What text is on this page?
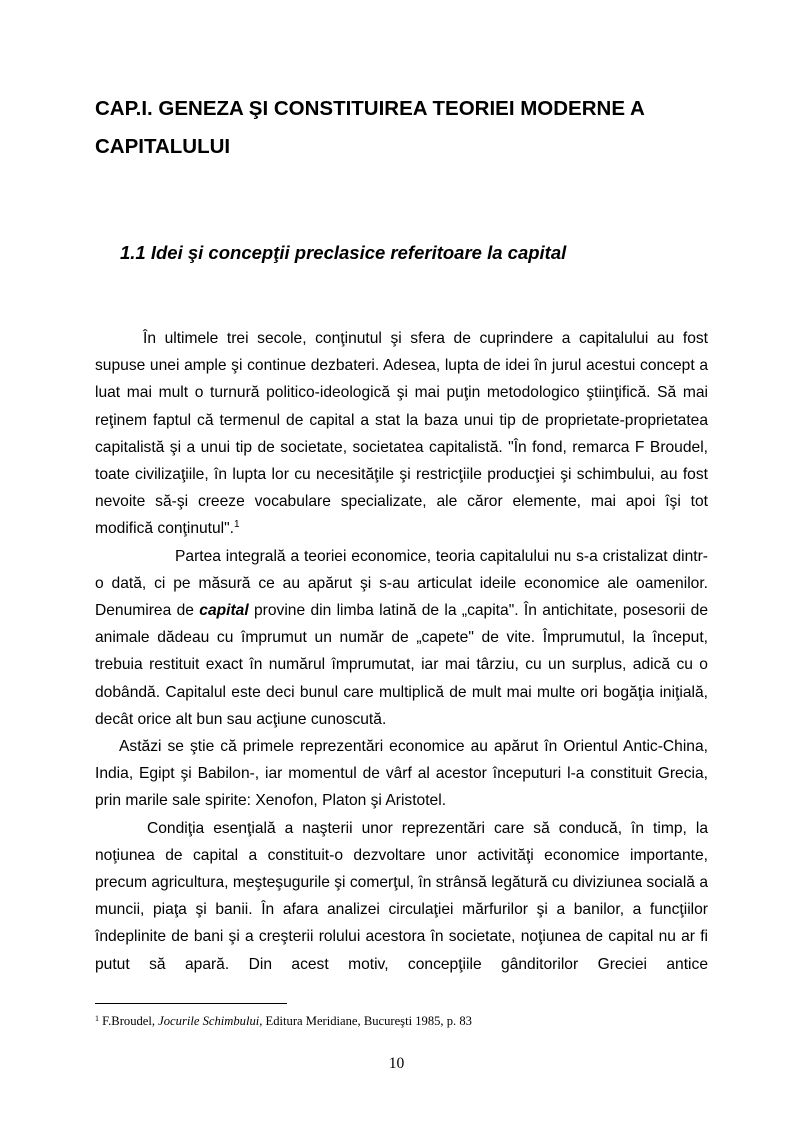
CAP.I. GENEZA ŞI CONSTITUIREA TEORIEI MODERNE A
CAPITALULUI
1.1 Idei şi concepţii preclasice referitoare la capital

În ultimele trei secole, conţinutul şi sfera de cuprindere a capitalului au fost supuse unei ample şi continue dezbateri. Adesea, lupta de idei în jurul acestui concept a luat mai mult o turnură politico-ideologică şi mai puţin metodologico ştiinţifică. Să mai reţinem faptul că termenul de capital a stat la baza unui tip de proprietate-proprietatea capitalistă şi a unui tip de societate, societatea capitalistă. "În fond, remarca F Broudel, toate civilizaţiile, în lupta lor cu necesităţile şi restricţiile producţiei şi schimbului, au fost nevoite să-şi creeze vocabulare specializate, ale căror elemente, mai apoi îşi tot modifică conţinutul".$^1$

Partea integrală a teoriei economice, teoria capitalului nu s-a cristalizat dintr-o dată, ci pe măsură ce au apărut şi s-au articulat ideile economice ale oamenilor. Denumirea de capital provine din limba latină de la „capita". În antichitate, posesorii de animale dădeau cu împrumut un număr de „capete" de vite. Împrumutul, la început, trebuia restituit exact în numărul împrumutat, iar mai târziu, cu un surplus, adică cu o dobândă. Capitalul este deci bunul care multiplică de mult mai multe ori bogăţia iniţială, decât orice alt bun sau acţiune cunoscută.

Astăzi se ştie că primele reprezentări economice au apărut în Orientul Antic-China, India, Egipt şi Babilon-, iar momentul de vârf al acestor începuturi l-a constituit Grecia, prin marile sale spirite: Xenofon, Platon şi Aristotel.

Condiţia esenţială a naşterii unor reprezentări care să conducă, în timp, la noţiunea de capital a constituit-o dezvoltare unor activităţi economice importante, precum agricultura, meşteşugurile şi comerţul, în strânsă legătură cu diviziunea socială a muncii, piaţa şi banii. În afara analizei circulaţiei mărfurilor şi a banilor, a funcţiilor îndeplinite de bani şi a creşterii rolului acestora în societate, noţiunea de capital nu ar fi putut să apară. Din acest motiv, concepţiile gânditorilor Greciei antice

$^1$ F.Broudel, Jocurile Schimbului, Editura Meridiane, Bucureşti 1985, p. 83
10
